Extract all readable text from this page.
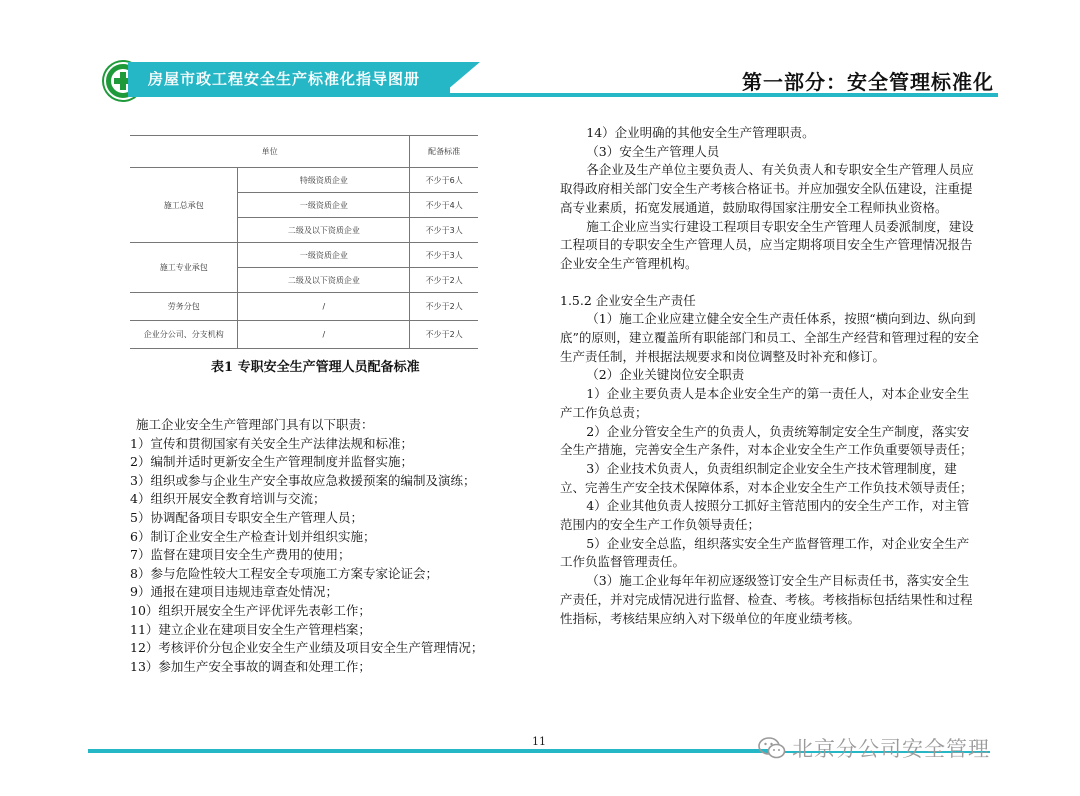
房屋市政工程安全生产标准化指导图册	第一部分：安全管理标准化
单位		配备标准
施工总承包	特级资质企业	不少于6人
	一级资质企业	不少于4人
	二级及以下资质企业	不少于3人
施工专业承包	一级资质企业	不少于3人
	二级及以下资质企业	不少于2人
劳务分包	/	不少于2人
企业分公司、分支机构	/	不少于2人
表1 专职安全生产管理人员配备标准
施工企业安全生产管理部门具有以下职责：
1）宣传和贯彻国家有关安全生产法律法规和标准；
2）编制并适时更新安全生产管理制度并监督实施；
3）组织或参与企业生产安全事故应急救援预案的编制及演练；
4）组织开展安全教育培训与交流；
5）协调配备项目专职安全生产管理人员；
6）制订企业安全生产检查计划并组织实施；
7）监督在建项目安全生产费用的使用；
8）参与危险性较大工程安全专项施工方案专家论证会；
9）通报在建项目违规违章查处情况；
10）组织开展安全生产评优评先表彰工作；
11）建立企业在建项目安全生产管理档案；
12）考核评价分包企业安全生产业绩及项目安全生产管理情况；
13）参加生产安全事故的调查和处理工作；

14）企业明确的其他安全生产管理职责。

（3）安全生产管理人员

各企业及生产单位主要负责人、有关负责人和专职安全生产管理人员应取得政府相关部门安全生产考核合格证书。并应加强安全队伍建设，注重提高专业素质，拓宽发展通道，鼓励取得国家注册安全工程师执业资格。

施工企业应当实行建设工程项目专职安全生产管理人员委派制度，建设工程项目的专职安全生产管理人员，应当定期将项目安全生产管理情况报告企业安全生产管理机构。

1.5.2 企业安全生产责任

（1）施工企业应建立健全安全生产责任体系，按照“横向到边、纵向到底”的原则，建立覆盖所有职能部门和员工、全部生产经营和管理过程的安全生产责任制，并根据法规要求和岗位调整及时补充和修订。

（2）企业关键岗位安全职责

1）企业主要负责人是本企业安全生产的第一责任人，对本企业安全生产工作负总责；

2）企业分管安全生产的负责人，负责统筹制定安全生产制度，落实安全生产措施，完善安全生产条件，对本企业安全生产工作负重要领导责任；

3）企业技术负责人，负责组织制定企业安全生产技术管理制度，建立、完善生产安全技术保障体系，对本企业安全生产工作负技术领导责任；

4）企业其他负责人按照分工抓好主管范围内的安全生产工作，对主管范围内的安全生产工作负领导责任；

5）企业安全总监，组织落实安全生产监督管理工作，对企业安全生产工作负监督管理责任。

（3）施工企业每年年初应逐级签订安全生产目标责任书，落实安全生产责任，并对完成情况进行监督、检查、考核。考核指标包括结果性和过程性指标，考核结果应纳入对下级单位的年度业绩考核。

11	北京分公司安全管理
